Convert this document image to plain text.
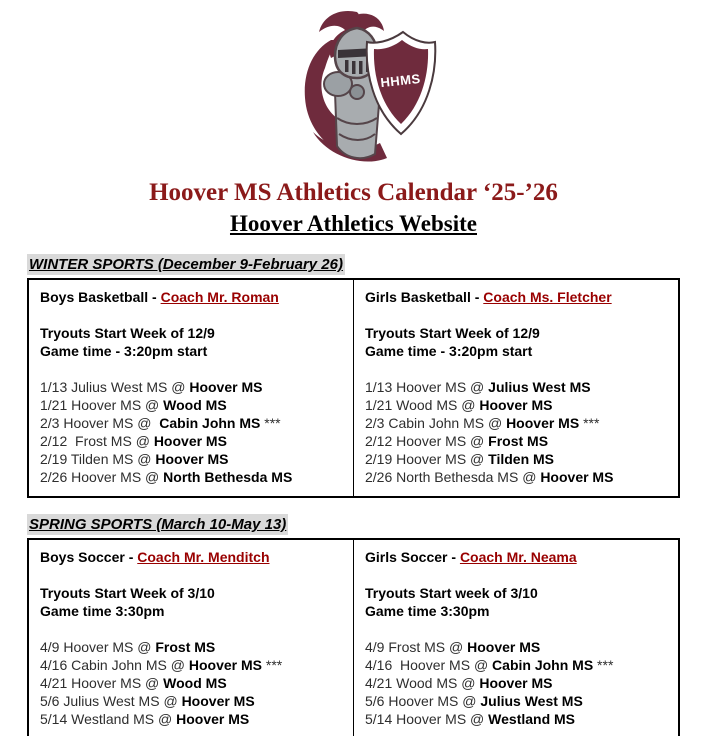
HHMS
Hoover MS Athletics Calendar ‘25-’26
Hoover Athletics Website
WINTER SPORTS (December 9-February 26)
Boys Basketball - Coach Mr. Roman
Tryouts Start Week of 12/9
Game time - 3:20pm start
1/13 Julius West MS @ Hoover MS
1/21 Hoover MS @ Wood MS
2/3 Hoover MS @  Cabin John MS ***
2/12  Frost MS @ Hoover MS
2/19 Tilden MS @ Hoover MS
2/26 Hoover MS @ North Bethesda MS

Girls Basketball - Coach Ms. Fletcher
Tryouts Start Week of 12/9
Game time - 3:20pm start
1/13 Hoover MS @ Julius West MS
1/21 Wood MS @ Hoover MS
2/3 Cabin John MS @ Hoover MS ***
2/12 Hoover MS @ Frost MS
2/19 Hoover MS @ Tilden MS
2/26 North Bethesda MS @ Hoover MS
SPRING SPORTS (March 10-May 13)
Boys Soccer - Coach Mr. Menditch
Tryouts Start Week of 3/10
Game time 3:30pm
4/9 Hoover MS @ Frost MS
4/16 Cabin John MS @ Hoover MS ***
4/21 Hoover MS @ Wood MS
5/6 Julius West MS @ Hoover MS
5/14 Westland MS @ Hoover MS

Girls Soccer - Coach Mr. Neama
Tryouts Start week of 3/10
Game time 3:30pm
4/9 Frost MS @ Hoover MS
4/16  Hoover MS @ Cabin John MS ***
4/21 Wood MS @ Hoover MS
5/6 Hoover MS @ Julius West MS
5/14 Hoover MS @ Westland MS
